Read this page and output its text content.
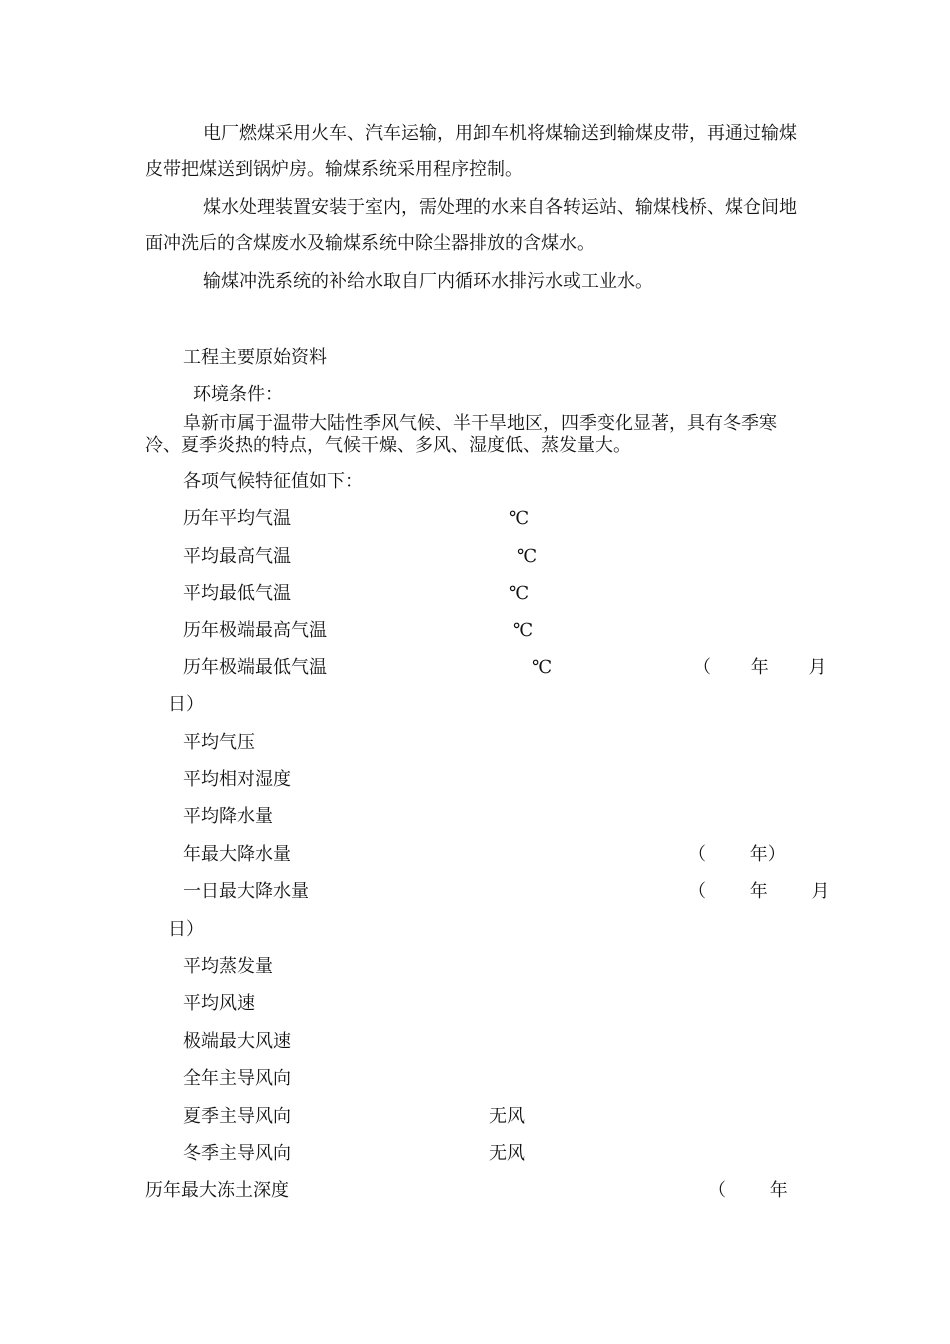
电厂燃煤采用火车、汽车运输，用卸车机将煤输送到输煤皮带，再通过输煤皮带把煤送到锅炉房。输煤系统采用程序控制。

煤水处理装置安装于室内，需处理的水来自各转运站、输煤栈桥、煤仓间地面冲洗后的含煤废水及输煤系统中除尘器排放的含煤水。

输煤冲洗系统的补给水取自厂内循环水排污水或工业水。

工程主要原始资料
环境条件：

阜新市属于温带大陆性季风气候、半干旱地区，四季变化显著，具有冬季寒冷、夏季炎热的特点，气候干燥、多风、湿度低、蒸发量大。

各项气候特征值如下：
历年平均气温	℃
平均最高气温	℃
平均最低气温	℃
历年极端最高气温	℃
历年极端最低气温	℃	（ 年 月
日）
平均气压
平均相对湿度
平均降水量
年最大降水量	（ 年）
一日最大降水量	（ 年 月
日）
平均蒸发量
平均风速
极端最大风速
全年主导风向
夏季主导风向	无风
冬季主导风向	无风
历年最大冻土深度	（ 年
